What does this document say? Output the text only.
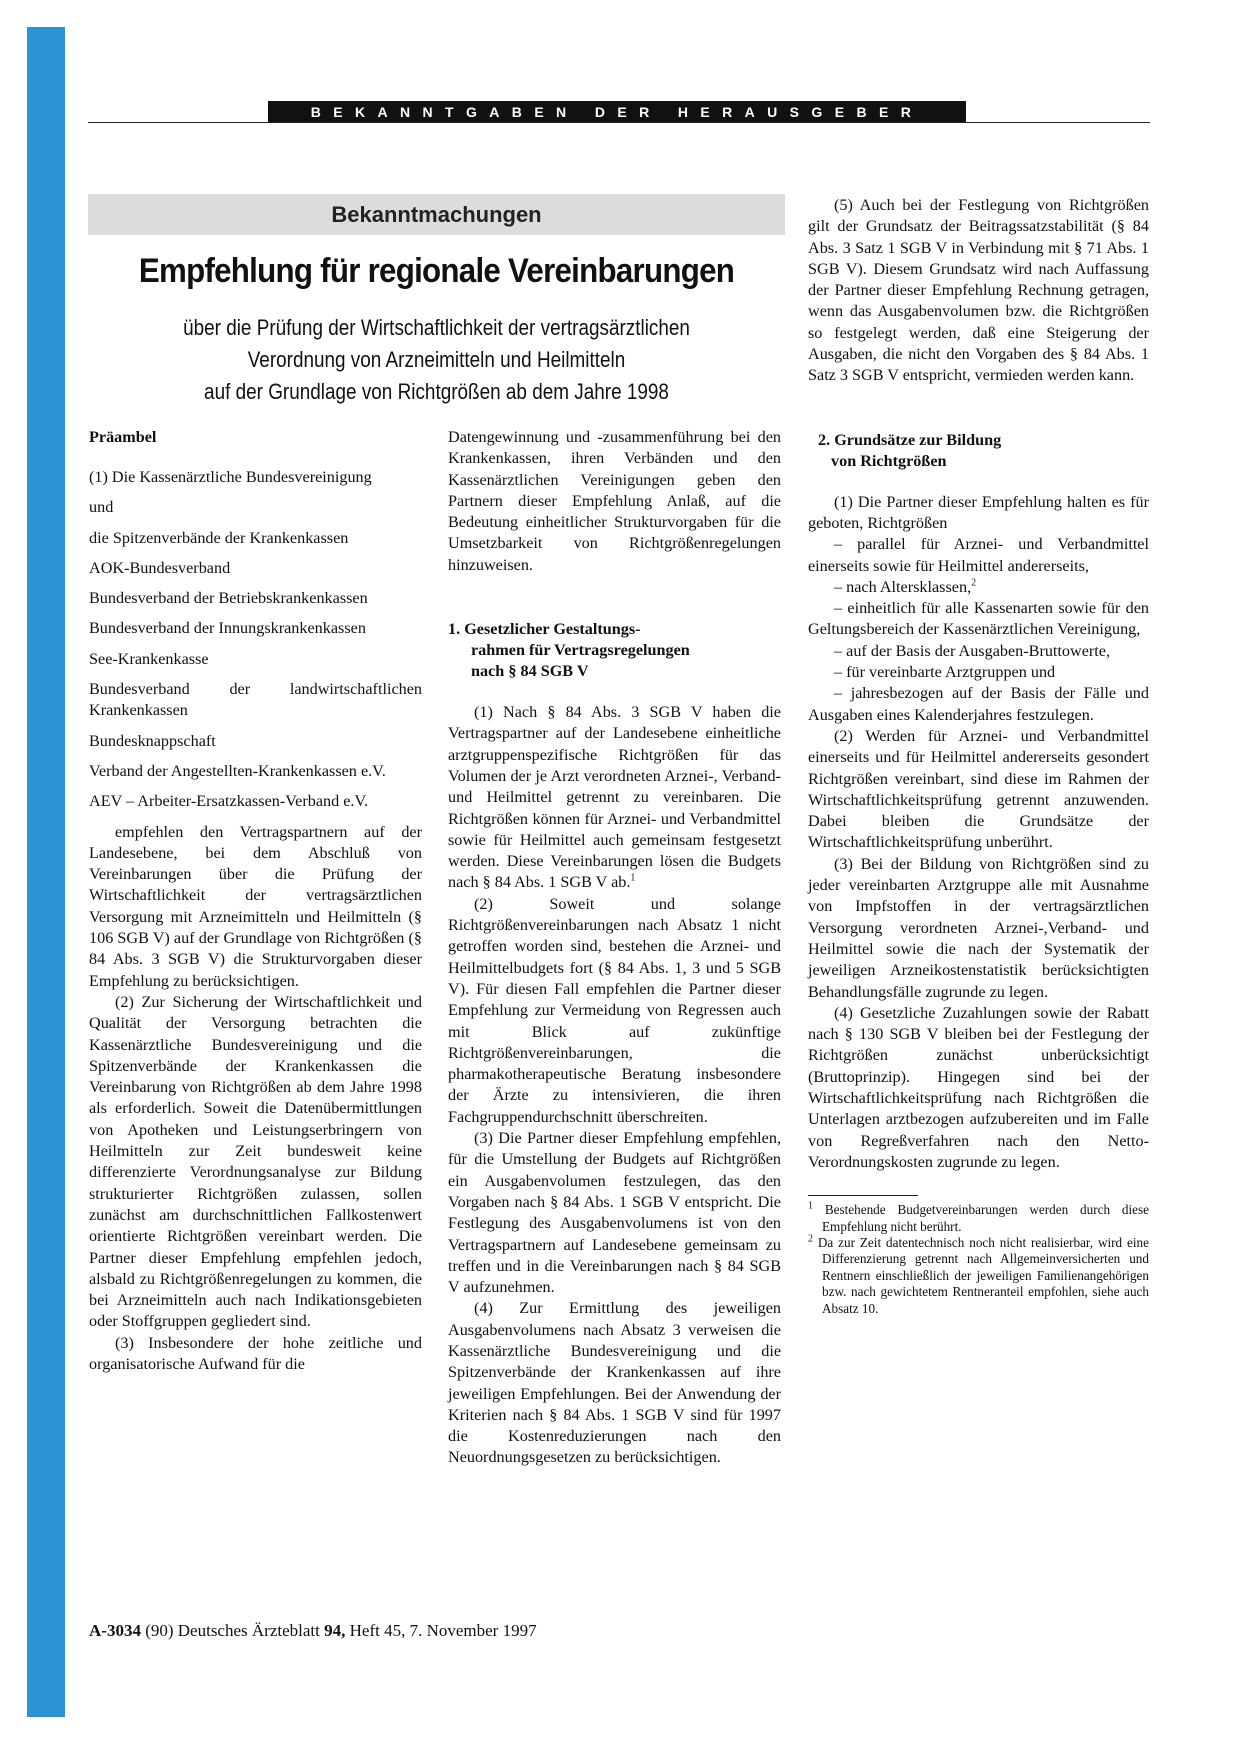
BEKANNTGABEN DER HERAUSGEBER
Bekanntmachungen
Empfehlung für regionale Vereinbarungen
über die Prüfung der Wirtschaftlichkeit der vertragsärztlichen
Verordnung von Arzneimitteln und Heilmitteln
auf der Grundlage von Richtgrößen ab dem Jahre 1998

Präambel

(1) Die Kassenärztliche Bundesvereinigung

und

die Spitzenverbände der Krankenkassen

AOK-Bundesverband

Bundesverband der Betriebskrankenkassen

Bundesverband der Innungskrankenkassen

See-Krankenkasse

Bundesverband der landwirtschaftlichen Krankenkassen

Bundesknappschaft

Verband der Angestellten-Krankenkassen e.V.

AEV – Arbeiter-Ersatzkassen-Verband e.V.

empfehlen den Vertragspartnern auf der Landesebene, bei dem Abschluß von Vereinbarungen über die Prüfung der Wirtschaftlichkeit der vertragsärztlichen Versorgung mit Arzneimitteln und Heilmitteln (§ 106 SGB V) auf der Grundlage von Richtgrößen (§ 84 Abs. 3 SGB V) die Strukturvorgaben dieser Empfehlung zu berücksichtigen.

(2) Zur Sicherung der Wirtschaftlichkeit und Qualität der Versorgung betrachten die Kassenärztliche Bundesvereinigung und die Spitzenverbände der Krankenkassen die Vereinbarung von Richtgrößen ab dem Jahre 1998 als erforderlich. Soweit die Datenübermittlungen von Apotheken und Leistungserbringern von Heilmitteln zur Zeit bundesweit keine differenzierte Verordnungsanalyse zur Bildung strukturierter Richtgrößen zulassen, sollen zunächst am durchschnittlichen Fallkostenwert orientierte Richtgrößen vereinbart werden. Die Partner dieser Empfehlung empfehlen jedoch, alsbald zu Richtgrößenregelungen zu kommen, die bei Arzneimitteln auch nach Indikationsgebieten oder Stoffgruppen gegliedert sind.

(3) Insbesondere der hohe zeitliche und organisatorische Aufwand für die

Datengewinnung und -zusammenführung bei den Krankenkassen, ihren Verbänden und den Kassenärztlichen Vereinigungen geben den Partnern dieser Empfehlung Anlaß, auf die Bedeutung einheitlicher Strukturvorgaben für die Umsetzbarkeit von Richtgrößenregelungen hinzuweisen.

1. Gesetzlicher Gestaltungs-

rahmen für Vertragsregelungen

nach § 84 SGB V

(1) Nach § 84 Abs. 3 SGB V haben die Vertragspartner auf der Landesebene einheitliche arztgruppenspezifische Richtgrößen für das Volumen der je Arzt verordneten Arznei-, Verband- und Heilmittel getrennt zu vereinbaren. Die Richtgrößen können für Arznei- und Verbandmittel sowie für Heilmittel auch gemeinsam festgesetzt werden. Diese Vereinbarungen lösen die Budgets nach § 84 Abs. 1 SGB V ab.$^1$

(2) Soweit und solange Richtgrößenvereinbarungen nach Absatz 1 nicht getroffen worden sind, bestehen die Arznei- und Heilmittelbudgets fort (§ 84 Abs. 1, 3 und 5 SGB V). Für diesen Fall empfehlen die Partner dieser Empfehlung zur Vermeidung von Regressen auch mit Blick auf zukünftige Richtgrößenvereinbarungen, die pharmakotherapeutische Beratung insbesondere der Ärzte zu intensivieren, die ihren Fachgruppendurchschnitt überschreiten.

(3) Die Partner dieser Empfehlung empfehlen, für die Umstellung der Budgets auf Richtgrößen ein Ausgabenvolumen festzulegen, das den Vorgaben nach § 84 Abs. 1 SGB V entspricht. Die Festlegung des Ausgabenvolumens ist von den Vertragspartnern auf Landesebene gemeinsam zu treffen und in die Vereinbarungen nach § 84 SGB V aufzunehmen.

(4) Zur Ermittlung des jeweiligen Ausgabenvolumens nach Absatz 3 verweisen die Kassenärztliche Bundesvereinigung und die Spitzenverbände der Krankenkassen auf ihre jeweiligen Empfehlungen. Bei der Anwendung der Kriterien nach § 84 Abs. 1 SGB V sind für 1997 die Kostenreduzierungen nach den Neuordnungsgesetzen zu berücksichtigen.

(5) Auch bei der Festlegung von Richtgrößen gilt der Grundsatz der Beitragssatzstabilität (§ 84 Abs. 3 Satz 1 SGB V in Verbindung mit § 71 Abs. 1 SGB V). Diesem Grundsatz wird nach Auffassung der Partner dieser Empfehlung Rechnung getragen, wenn das Ausgabenvolumen bzw. die Richtgrößen so festgelegt werden, daß eine Steigerung der Ausgaben, die nicht den Vorgaben des § 84 Abs. 1 Satz 3 SGB V entspricht, vermieden werden kann.

2. Grundsätze zur Bildung

von Richtgrößen

(1) Die Partner dieser Empfehlung halten es für geboten, Richtgrößen

– parallel für Arznei- und Verbandmittel einerseits sowie für Heilmittel andererseits,

– nach Altersklassen,$^2$

– einheitlich für alle Kassenarten sowie für den Geltungsbereich der Kassenärztlichen Vereinigung,

– auf der Basis der Ausgaben-Bruttowerte,

– für vereinbarte Arztgruppen und

– jahresbezogen auf der Basis der Fälle und Ausgaben eines Kalenderjahres festzulegen.

(2) Werden für Arznei- und Verbandmittel einerseits und für Heilmittel andererseits gesondert Richtgrößen vereinbart, sind diese im Rahmen der Wirtschaftlichkeitsprüfung getrennt anzuwenden. Dabei bleiben die Grundsätze der Wirtschaftlichkeitsprüfung unberührt.

(3) Bei der Bildung von Richtgrößen sind zu jeder vereinbarten Arztgruppe alle mit Ausnahme von Impfstoffen in der vertragsärztlichen Versorgung verordneten Arznei-,Verband- und Heilmittel sowie die nach der Systematik der jeweiligen Arzneikostenstatistik berücksichtigten Behandlungsfälle zugrunde zu legen.

(4) Gesetzliche Zuzahlungen sowie der Rabatt nach § 130 SGB V bleiben bei der Festlegung der Richtgrößen zunächst unberücksichtigt (Bruttoprinzip). Hingegen sind bei der Wirtschaftlichkeitsprüfung nach Richtgrößen die Unterlagen arztbezogen aufzubereiten und im Falle von Regreßverfahren nach den Netto-Verordnungskosten zugrunde zu legen.

$^1$ Bestehende Budgetvereinbarungen werden durch diese Empfehlung nicht berührt.

$^2$ Da zur Zeit datentechnisch noch nicht realisierbar, wird eine Differenzierung getrennt nach Allgemeinversicherten und Rentnern einschließlich der jeweiligen Familienangehörigen bzw. nach gewichtetem Rentneranteil empfohlen, siehe auch Absatz 10.

A-3034 (90) Deutsches Ärzteblatt 94, Heft 45, 7. November 1997
